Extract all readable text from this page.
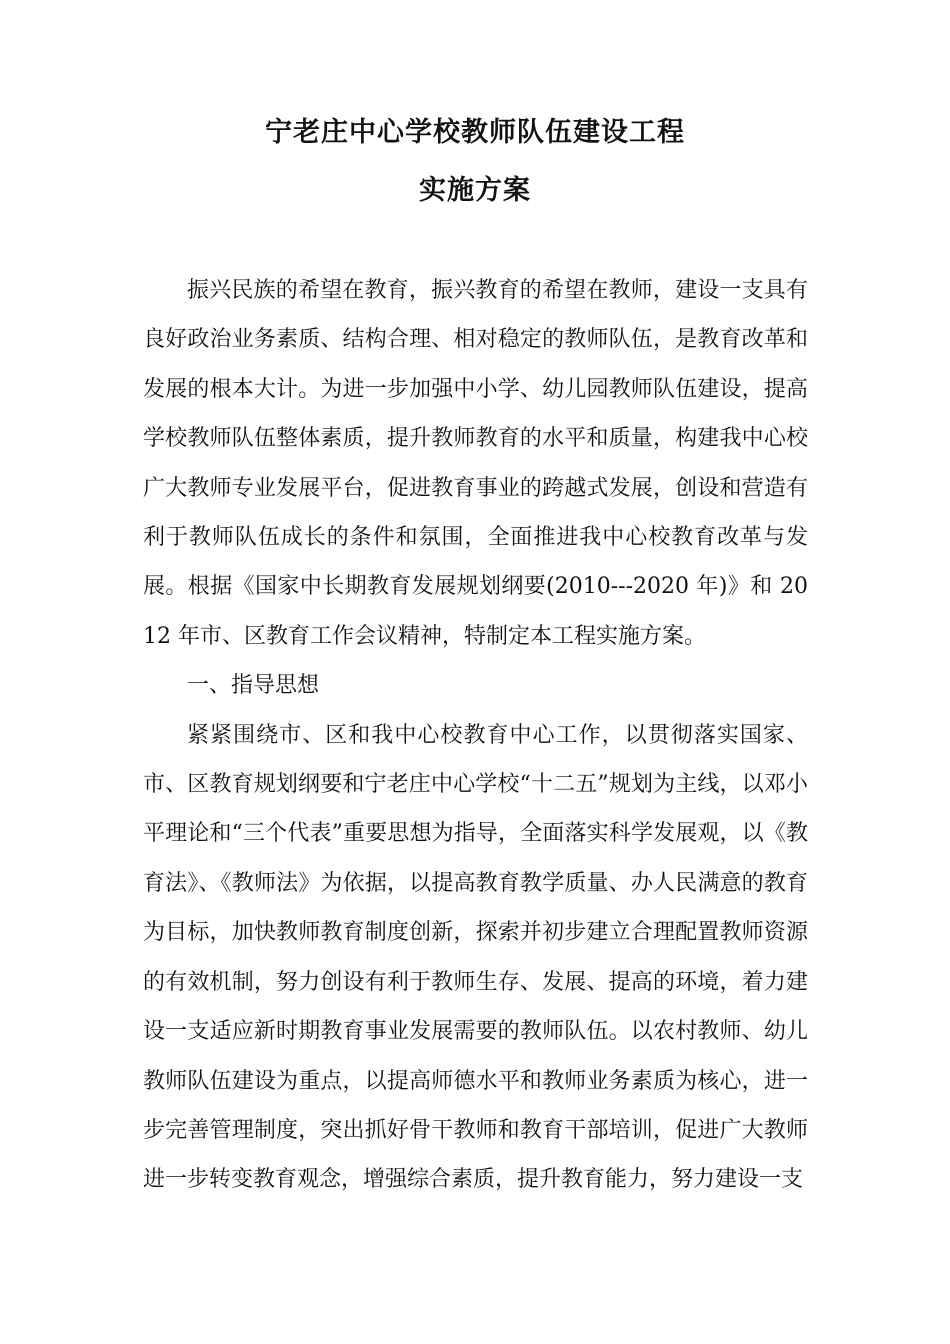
宁老庄中心学校教师队伍建设工程
实施方案

振兴民族的希望在教育，振兴教育的希望在教师，建设一支具有良好政治业务素质、结构合理、相对稳定的教师队伍，是教育改革和发展的根本大计。为进一步加强中小学、幼儿园教师队伍建设，提高学校教师队伍整体素质，提升教师教育的水平和质量，构建我中心校广大教师专业发展平台，促进教育事业的跨越式发展，创设和营造有利于教师队伍成长的条件和氛围，全面推进我中心校教育改革与发展。根据《国家中长期教育发展规划纲要(2010---2020 年)》和 2012 年市、区教育工作会议精神，特制定本工程实施方案。

一、指导思想

紧紧围绕市、区和我中心校教育中心工作，以贯彻落实国家、市、区教育规划纲要和宁老庄中心学校“十二五”规划为主线，以邓小平理论和“三个代表”重要思想为指导，全面落实科学发展观，以《教育法》、《教师法》为依据，以提高教育教学质量、办人民满意的教育为目标，加快教师教育制度创新，探索并初步建立合理配置教师资源的有效机制，努力创设有利于教师生存、发展、提高的环境，着力建设一支适应新时期教育事业发展需要的教师队伍。以农村教师、幼儿教师队伍建设为重点，以提高师德水平和教师业务素质为核心，进一步完善管理制度，突出抓好骨干教师和教育干部培训，促进广大教师进一步转变教育观念，增强综合素质，提升教育能力，努力建设一支
